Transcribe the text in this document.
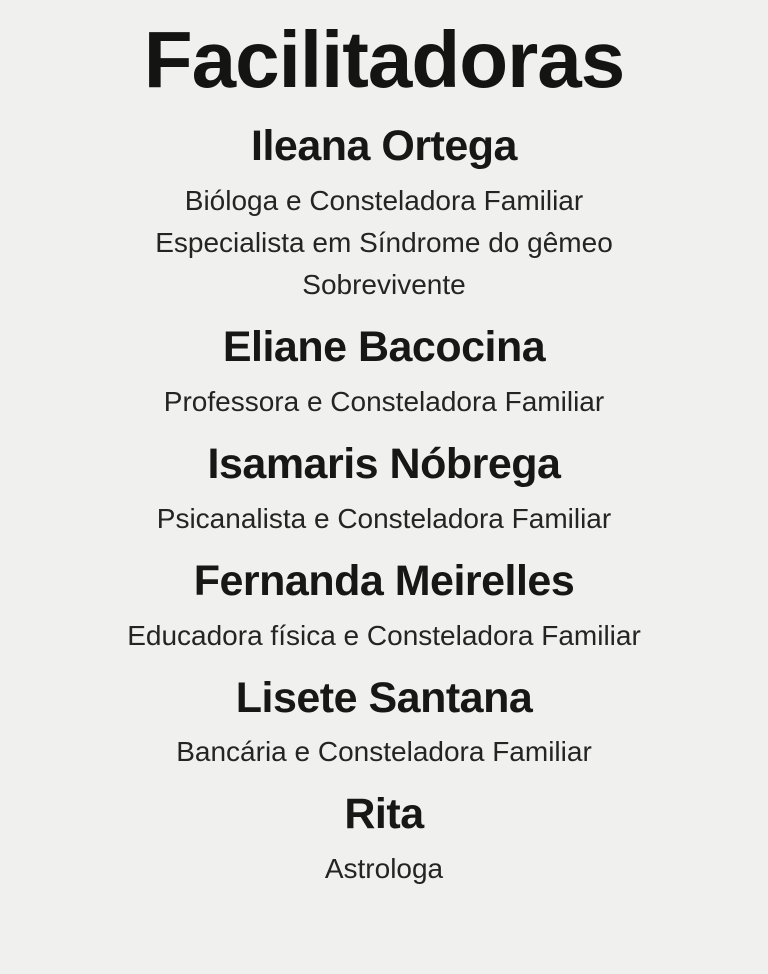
Facilitadoras
Ileana Ortega

Bióloga e Consteladora Familiar

Especialista em Síndrome do gêmeo

Sobrevivente

Eliane Bacocina

Professora e Consteladora Familiar

Isamaris Nóbrega

Psicanalista e Consteladora Familiar

Fernanda Meirelles

Educadora física e Consteladora Familiar

Lisete Santana

Bancária e Consteladora Familiar

Rita

Astrologa
